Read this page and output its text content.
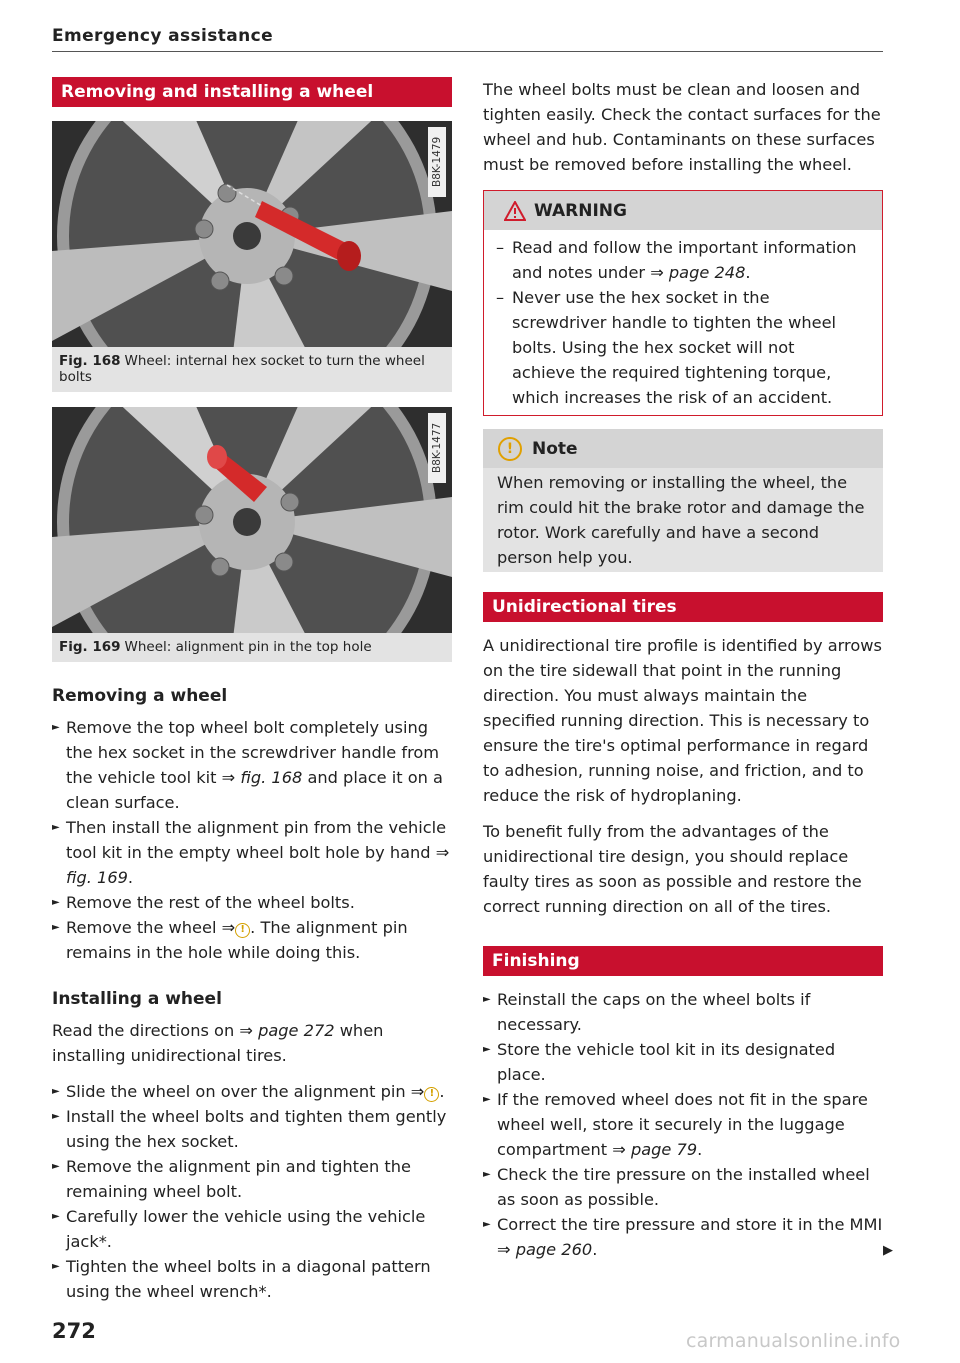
Emergency assistance
Removing and installing a wheel
B8K-1479
Fig. 168 Wheel: internal hex socket to turn the wheel bolts
B8K-1477
Fig. 169 Wheel: alignment pin in the top hole
Removing a wheel
► Remove the top wheel bolt completely using the hex socket in the screwdriver handle from the vehicle tool kit ⇒ fig. 168 and place it on a clean surface.
► Then install the alignment pin from the vehicle tool kit in the empty wheel bolt hole by hand ⇒ fig. 169.
► Remove the rest of the wheel bolts.
► Remove the wheel ⇒ ! . The alignment pin remains in the hole while doing this.
Installing a wheel

Read the directions on ⇒ page 272 when installing unidirectional tires.

► Slide the wheel on over the alignment pin ⇒ ! .
► Install the wheel bolts and tighten them gently using the hex socket.
► Remove the alignment pin and tighten the remaining wheel bolt.
► Carefully lower the vehicle using the vehicle jack*.
► Tighten the wheel bolts in a diagonal pattern using the wheel wrench*.

The wheel bolts must be clean and loosen and tighten easily. Check the contact surfaces for the wheel and hub. Contaminants on these surfaces must be removed before installing the wheel.

WARNING
– Read and follow the important information and notes under ⇒ page 248.
– Never use the hex socket in the screwdriver handle to tighten the wheel bolts. Using the hex socket will not achieve the required tightening torque, which increases the risk of an accident.
!	Note

When removing or installing the wheel, the rim could hit the brake rotor and damage the rotor. Work carefully and have a second person help you.

Unidirectional tires

A unidirectional tire profile is identified by arrows on the tire sidewall that point in the running direction. You must always maintain the specified running direction. This is necessary to ensure the tire's optimal performance in regard to adhesion, running noise, and friction, and to reduce the risk of hydroplaning.

To benefit fully from the advantages of the unidirectional tire design, you should replace faulty tires as soon as possible and restore the correct running direction on all of the tires.

Finishing
► Reinstall the caps on the wheel bolts if necessary.
► Store the vehicle tool kit in its designated place.
► If the removed wheel does not fit in the spare wheel well, store it securely in the luggage compartment ⇒ page 79.
► Check the tire pressure on the installed wheel as soon as possible.
► Correct the tire pressure and store it in the MMI ⇒ page 260.	▶
272	carmanualsonline.info
